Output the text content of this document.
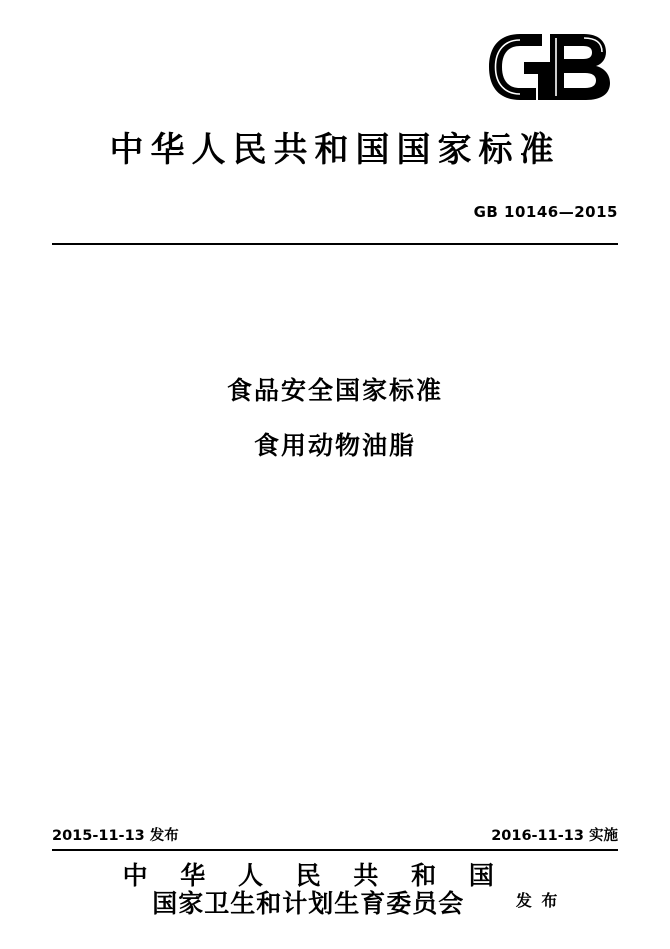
中华人民共和国国家标准
GB 10146—2015
食品安全国家标准
食用动物油脂
2015-11-13 发布	2016-11-13 实施
中 华 人 民 共 和 国
国家卫生和计划生育委员会	发 布
